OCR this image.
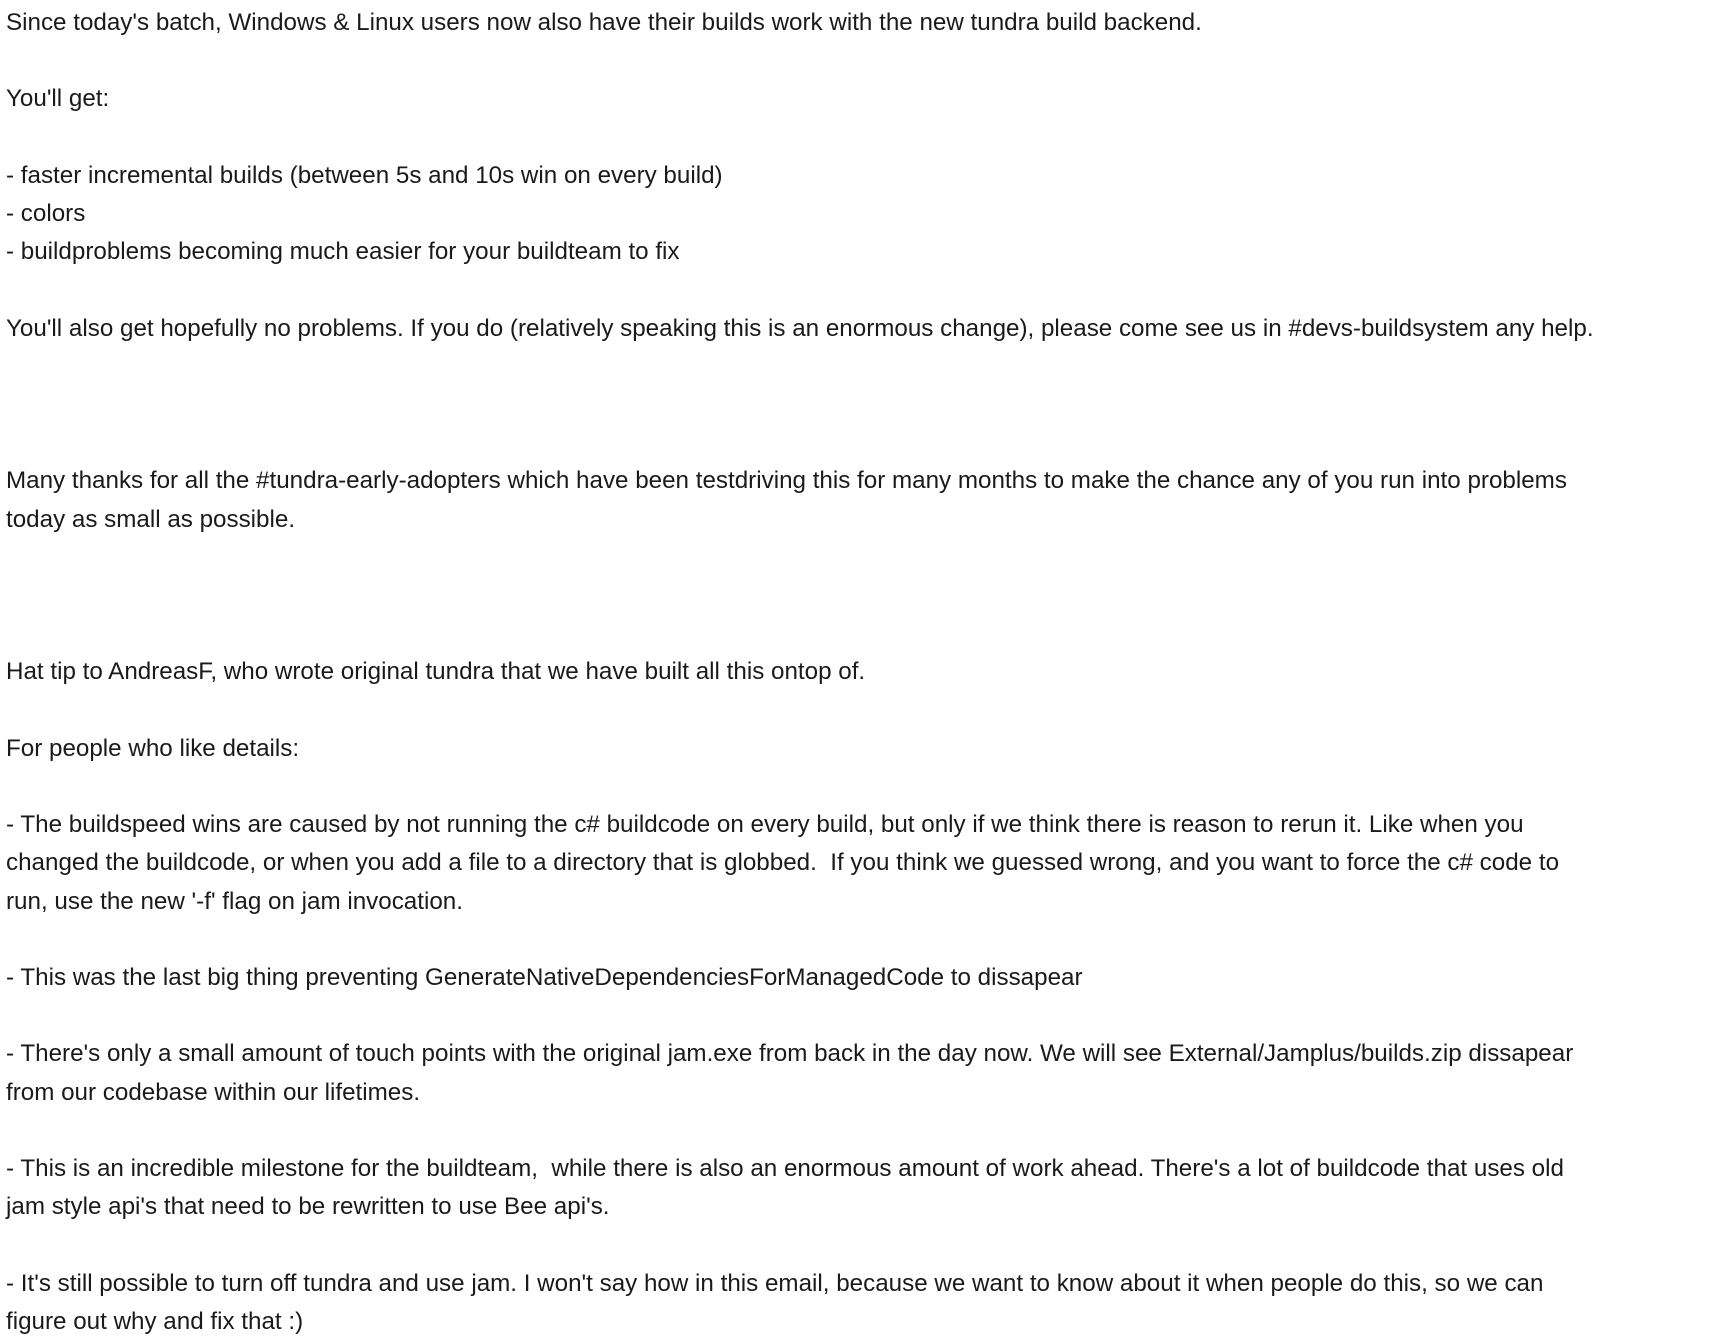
Since today's batch, Windows & Linux users now also have their builds work with the new tundra build backend.

You'll get:

- faster incremental builds (between 5s and 10s win on every build)
- colors
- buildproblems becoming much easier for your buildteam to fix

You'll also get hopefully no problems. If you do (relatively speaking this is an enormous change), please come see us in #devs-buildsystem any help.

Many thanks for all the #tundra-early-adopters which have been testdriving this for many months to make the chance any of you run into problems
today as small as possible.

Hat tip to AndreasF, who wrote original tundra that we have built all this ontop of.

For people who like details:

- The buildspeed wins are caused by not running the c# buildcode on every build, but only if we think there is reason to rerun it. Like when you
changed the buildcode, or when you add a file to a directory that is globbed.  If you think we guessed wrong, and you want to force the c# code to
run, use the new '-f' flag on jam invocation.

- This was the last big thing preventing GenerateNativeDependenciesForManagedCode to dissapear

- There's only a small amount of touch points with the original jam.exe from back in the day now. We will see External/Jamplus/builds.zip dissapear
from our codebase within our lifetimes.

- This is an incredible milestone for the buildteam,  while there is also an enormous amount of work ahead. There's a lot of buildcode that uses old
jam style api's that need to be rewritten to use Bee api's.

- It's still possible to turn off tundra and use jam. I won't say how in this email, because we want to know about it when people do this, so we can
figure out why and fix that :)
